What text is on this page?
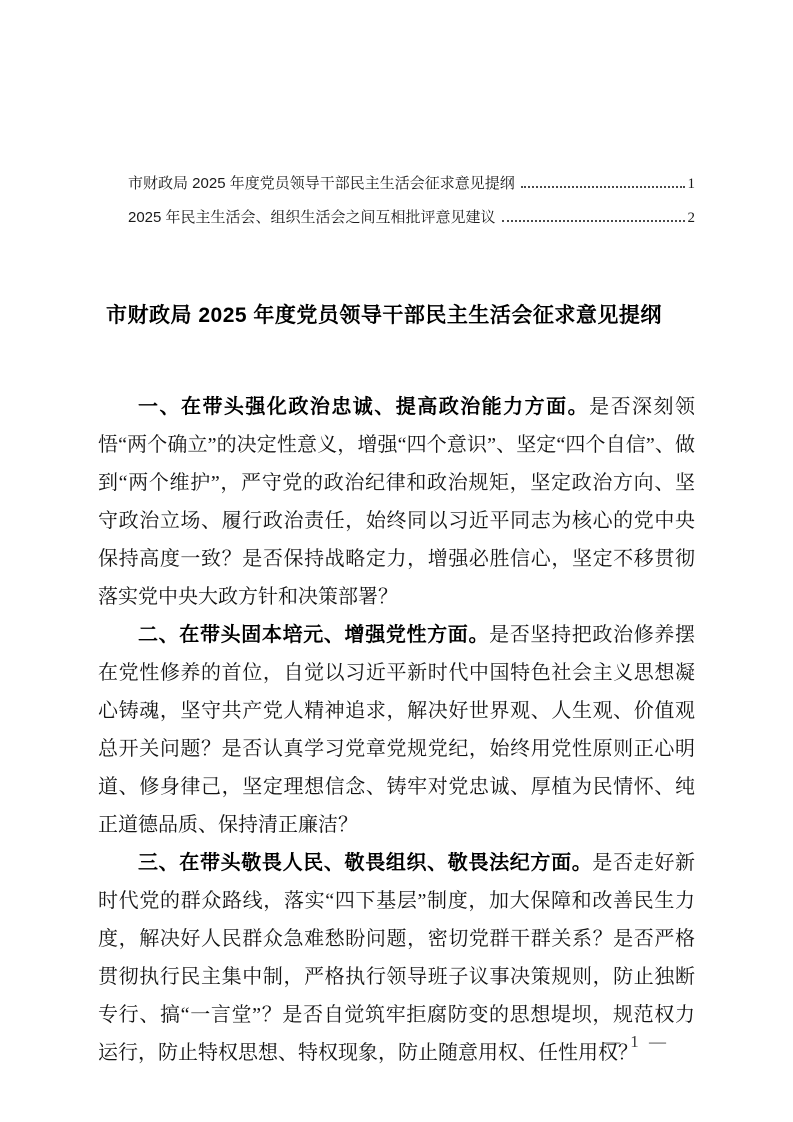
市财政局 2025 年度党员领导干部民主生活会征求意见提纲	1
2025 年民主生活会、组织生活会之间互相批评意见建议	2
市财政局 2025 年度党员领导干部民主生活会征求意见提纲

一、在带头强化政治忠诚、提高政治能力方面。是否深刻领悟“两个确立”的决定性意义，增强“四个意识”、坚定“四个自信”、做到“两个维护”，严守党的政治纪律和政治规矩，坚定政治方向、坚守政治立场、履行政治责任，始终同以习近平同志为核心的党中央保持高度一致？是否保持战略定力，增强必胜信心，坚定不移贯彻落实党中央大政方针和决策部署？

二、在带头固本培元、增强党性方面。是否坚持把政治修养摆在党性修养的首位，自觉以习近平新时代中国特色社会主义思想凝心铸魂，坚守共产党人精神追求，解决好世界观、人生观、价值观总开关问题？是否认真学习党章党规党纪，始终用党性原则正心明道、修身律己，坚定理想信念、铸牢对党忠诚、厚植为民情怀、纯正道德品质、保持清正廉洁？

三、在带头敬畏人民、敬畏组织、敬畏法纪方面。是否走好新时代党的群众路线，落实“四下基层”制度，加大保障和改善民生力度，解决好人民群众急难愁盼问题，密切党群干群关系？是否严格贯彻执行民主集中制，严格执行领导班子议事决策规则，防止独断专行、搞“一言堂”？是否自觉筑牢拒腐防变的思想堤坝，规范权力运行，防止特权思想、特权现象，防止随意用权、任性用权？

— 1 —
